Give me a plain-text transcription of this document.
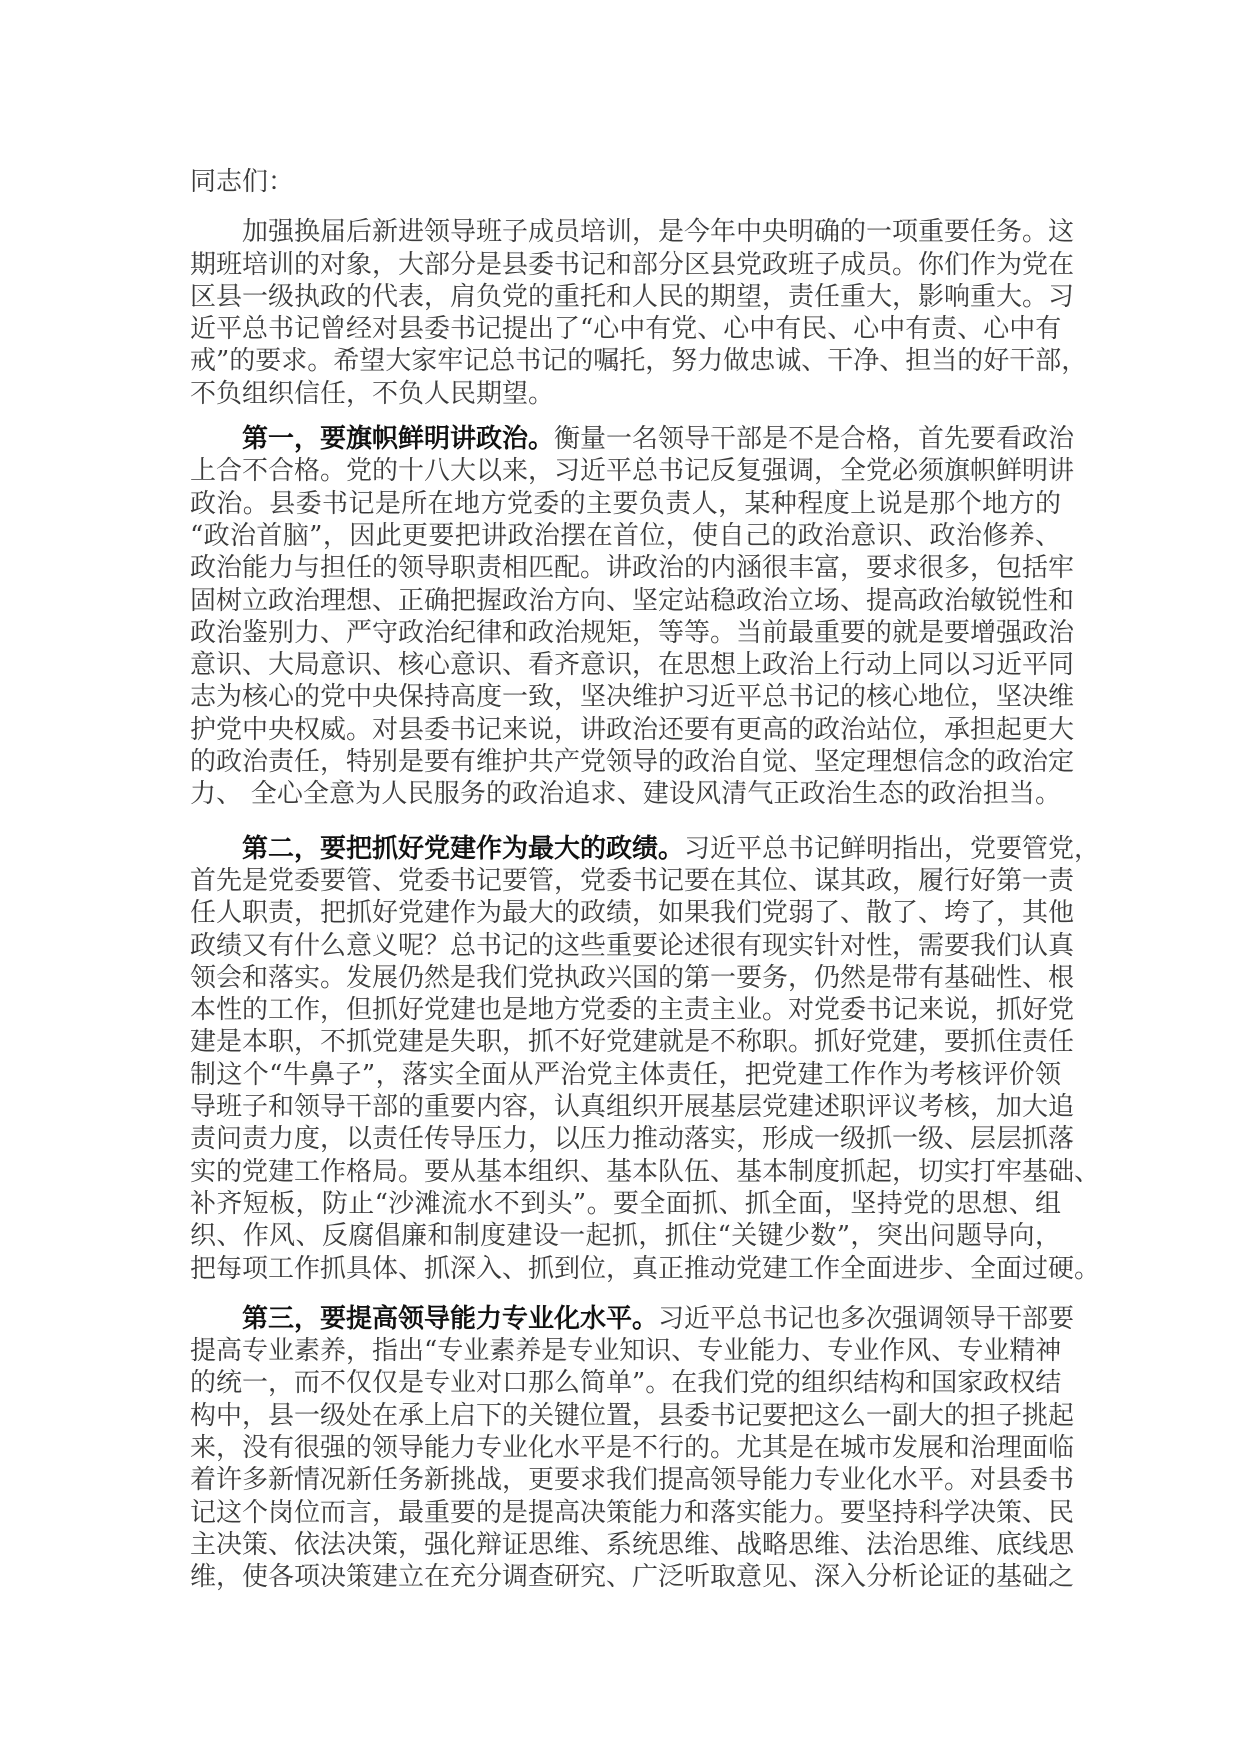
同志们：
加强换届后新进领导班子成员培训，是今年中央明确的一项重要任务。这
期班培训的对象，大部分是县委书记和部分区县党政班子成员。你们作为党在
区县一级执政的代表，肩负党的重托和人民的期望，责任重大，影响重大。习
近平总书记曾经对县委书记提出了“心中有党、心中有民、心中有责、心中有
戒”的要求。希望大家牢记总书记的嘱托，努力做忠诚、干净、担当的好干部，
不负组织信任，不负人民期望。
第一，要旗帜鲜明讲政治。衡量一名领导干部是不是合格，首先要看政治
上合不合格。党的十八大以来，习近平总书记反复强调，全党必须旗帜鲜明讲
政治。县委书记是所在地方党委的主要负责人，某种程度上说是那个地方的
“政治首脑”，因此更要把讲政治摆在首位，使自己的政治意识、政治修养、
政治能力与担任的领导职责相匹配。讲政治的内涵很丰富，要求很多，包括牢
固树立政治理想、正确把握政治方向、坚定站稳政治立场、提高政治敏锐性和
政治鉴别力、严守政治纪律和政治规矩，等等。当前最重要的就是要增强政治
意识、大局意识、核心意识、看齐意识，在思想上政治上行动上同以习近平同
志为核心的党中央保持高度一致，坚决维护习近平总书记的核心地位，坚决维
护党中央权威。对县委书记来说，讲政治还要有更高的政治站位，承担起更大
的政治责任，特别是要有维护共产党领导的政治自觉、坚定理想信念的政治定
力、 全心全意为人民服务的政治追求、建设风清气正政治生态的政治担当。
第二，要把抓好党建作为最大的政绩。习近平总书记鲜明指出，党要管党，
首先是党委要管、党委书记要管，党委书记要在其位、谋其政，履行好第一责
任人职责，把抓好党建作为最大的政绩，如果我们党弱了、散了、垮了，其他
政绩又有什么意义呢？总书记的这些重要论述很有现实针对性，需要我们认真
领会和落实。发展仍然是我们党执政兴国的第一要务，仍然是带有基础性、根
本性的工作，但抓好党建也是地方党委的主责主业。对党委书记来说，抓好党
建是本职，不抓党建是失职，抓不好党建就是不称职。抓好党建，要抓住责任
制这个“牛鼻子”，落实全面从严治党主体责任，把党建工作作为考核评价领
导班子和领导干部的重要内容，认真组织开展基层党建述职评议考核，加大追
责问责力度，以责任传导压力，以压力推动落实，形成一级抓一级、层层抓落
实的党建工作格局。要从基本组织、基本队伍、基本制度抓起，切实打牢基础、
补齐短板，防止“沙滩流水不到头”。要全面抓、抓全面，坚持党的思想、组
织、作风、反腐倡廉和制度建设一起抓，抓住“关键少数”，突出问题导向，
把每项工作抓具体、抓深入、抓到位，真正推动党建工作全面进步、全面过硬。
第三，要提高领导能力专业化水平。习近平总书记也多次强调领导干部要
提高专业素养，指出“专业素养是专业知识、专业能力、专业作风、专业精神
的统一，而不仅仅是专业对口那么简单”。在我们党的组织结构和国家政权结
构中，县一级处在承上启下的关键位置，县委书记要把这么一副大的担子挑起
来，没有很强的领导能力专业化水平是不行的。尤其是在城市发展和治理面临
着许多新情况新任务新挑战，更要求我们提高领导能力专业化水平。对县委书
记这个岗位而言，最重要的是提高决策能力和落实能力。要坚持科学决策、民
主决策、依法决策，强化辩证思维、系统思维、战略思维、法治思维、底线思
维，使各项决策建立在充分调查研究、广泛听取意见、深入分析论证的基础之
